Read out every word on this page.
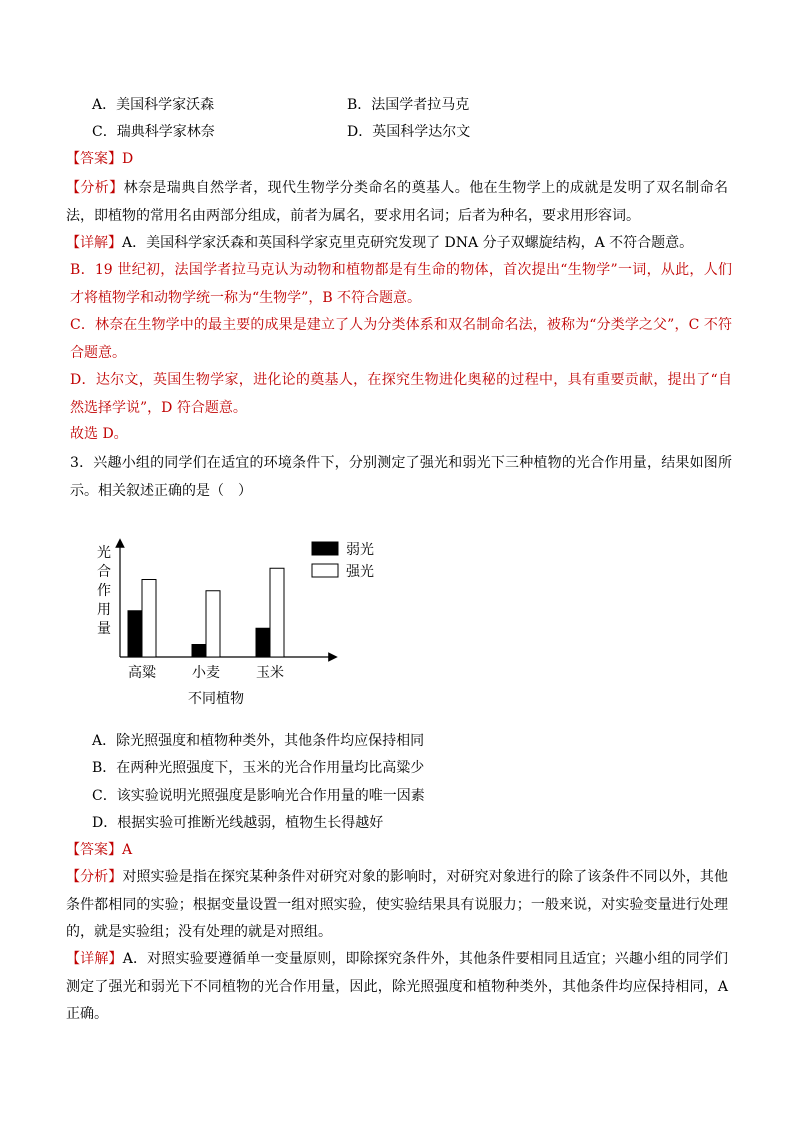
A．美国科学家沃森	B．法国学者拉马克
C．瑞典科学家林奈	D．英国科学达尔文
【答案】D
【分析】林奈是瑞典自然学者，现代生物学分类命名的奠基人。他在生物学上的成就是发明了双名制命名法，即植物的常用名由两部分组成，前者为属名，要求用名词；后者为种名，要求用形容词。
【详解】A．美国科学家沃森和英国科学家克里克研究发现了 DNA 分子双螺旋结构，A 不符合题意。
B．19 世纪初，法国学者拉马克认为动物和植物都是有生命的物体，首次提出“生物学”一词，从此，人们才将植物学和动物学统一称为“生物学”，B 不符合题意。
C．林奈在生物学中的最主要的成果是建立了人为分类体系和双名制命名法，被称为“分类学之父”，C 不符合题意。
D．达尔文，英国生物学家，进化论的奠基人，在探究生物进化奥秘的过程中，具有重要贡献，提出了“自然选择学说”，D 符合题意。
故选 D。
3．兴趣小组的同学们在适宜的环境条件下，分别测定了强光和弱光下三种植物的光合作用量，结果如图所示。相关叙述正确的是（　）
光
合
作
用
量
高粱	小麦	玉米
不同植物
弱光
强光
A．除光照强度和植物种类外，其他条件均应保持相同
B．在两种光照强度下，玉米的光合作用量均比高粱少
C．该实验说明光照强度是影响光合作用量的唯一因素
D．根据实验可推断光线越弱，植物生长得越好
【答案】A
【分析】对照实验是指在探究某种条件对研究对象的影响时，对研究对象进行的除了该条件不同以外，其他条件都相同的实验；根据变量设置一组对照实验，使实验结果具有说服力；一般来说，对实验变量进行处理的，就是实验组；没有处理的就是对照组。
【详解】A．对照实验要遵循单一变量原则，即除探究条件外，其他条件要相同且适宜；兴趣小组的同学们测定了强光和弱光下不同植物的光合作用量，因此，除光照强度和植物种类外，其他条件均应保持相同，A 正确。
